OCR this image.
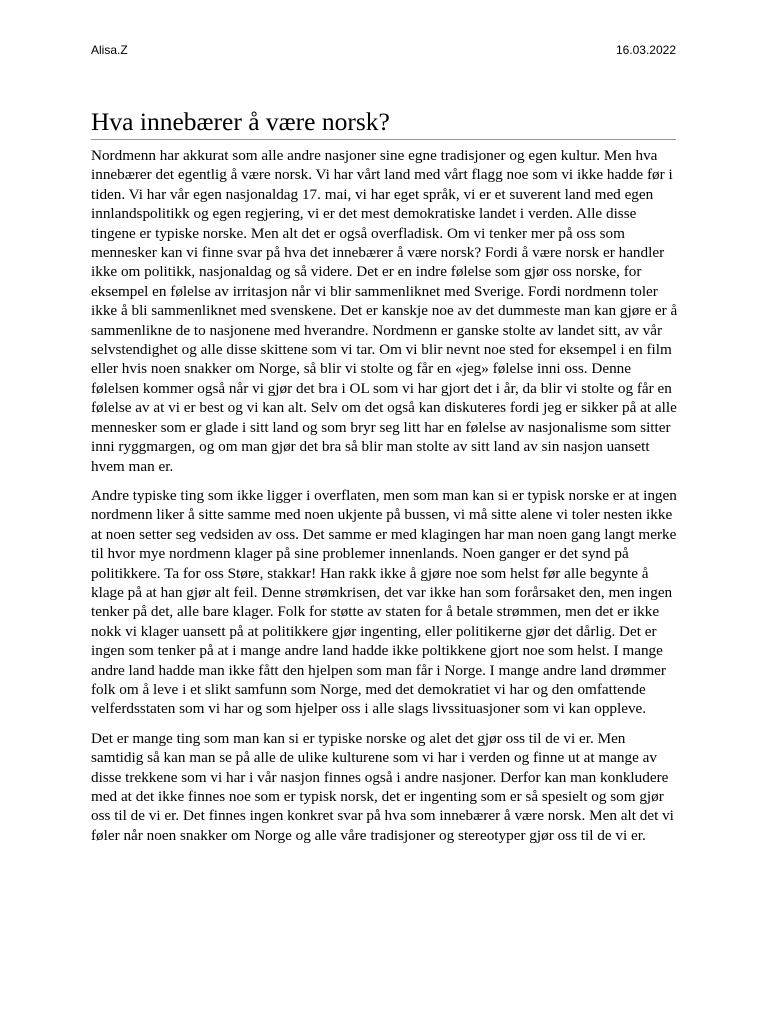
Alisa.Z	16.03.2022
Hva innebærer å være norsk?

Nordmenn har akkurat som alle andre nasjoner sine egne tradisjoner og egen kultur. Men hva innebærer det egentlig å være norsk. Vi har vårt land med vårt flagg noe som vi ikke hadde før i tiden. Vi har vår egen nasjonaldag 17. mai, vi har eget språk, vi er et suverent land med egen innlandspolitikk og egen regjering, vi er det mest demokratiske landet i verden. Alle disse tingene er typiske norske. Men alt det er også overfladisk. Om vi tenker mer på oss som mennesker kan vi finne svar på hva det innebærer å være norsk? Fordi å være norsk er handler ikke om politikk, nasjonaldag og så videre. Det er en indre følelse som gjør oss norske, for eksempel en følelse av irritasjon når vi blir sammenliknet med Sverige. Fordi nordmenn toler ikke å bli sammenliknet med svenskene. Det er kanskje noe av det dummeste man kan gjøre er å sammenlikne de to nasjonene med hverandre. Nordmenn er ganske stolte av landet sitt, av vår selvstendighet og alle disse skittene som vi tar. Om vi blir nevnt noe sted for eksempel i en film eller hvis noen snakker om Norge, så blir vi stolte og får en «jeg» følelse inni oss. Denne følelsen kommer også når vi gjør det bra i OL som vi har gjort det i år, da blir vi stolte og får en følelse av at vi er best og vi kan alt. Selv om det også kan diskuteres fordi jeg er sikker på at alle mennesker som er glade i sitt land og som bryr seg litt har en følelse av nasjonalisme som sitter inni ryggmargen, og om man gjør det bra så blir man stolte av sitt land av sin nasjon uansett hvem man er.

Andre typiske ting som ikke ligger i overflaten, men som man kan si er typisk norske er at ingen nordmenn liker å sitte samme med noen ukjente på bussen, vi må sitte alene vi toler nesten ikke at noen setter seg vedsiden av oss. Det samme er med klagingen har man noen gang langt merke til hvor mye nordmenn klager på sine problemer innenlands. Noen ganger er det synd på politikkere. Ta for oss Støre, stakkar! Han rakk ikke å gjøre noe som helst før alle begynte å klage på at han gjør alt feil. Denne strømkrisen, det var ikke han som forårsaket den, men ingen tenker på det, alle bare klager. Folk for støtte av staten for å betale strømmen, men det er ikke nokk vi klager uansett på at politikkere gjør ingenting, eller politikerne gjør det dårlig. Det er ingen som tenker på at i mange andre land hadde ikke poltikkene gjort noe som helst. I mange andre land hadde man ikke fått den hjelpen som man får i Norge. I mange andre land drømmer folk om å leve i et slikt samfunn som Norge, med det demokratiet vi har og den omfattende velferdsstaten som vi har og som hjelper oss i alle slags livssituasjoner som vi kan oppleve.

Det er mange ting som man kan si er typiske norske og alet det gjør oss til de vi er. Men samtidig så kan man se på alle de ulike kulturene som vi har i verden og finne ut at mange av disse trekkene som vi har i vår nasjon finnes også i andre nasjoner. Derfor kan man konkludere med at det ikke finnes noe som er typisk norsk, det er ingenting som er så spesielt og som gjør oss til de vi er. Det finnes ingen konkret svar på hva som innebærer å være norsk. Men alt det vi føler når noen snakker om Norge og alle våre tradisjoner og stereotyper gjør oss til de vi er.
